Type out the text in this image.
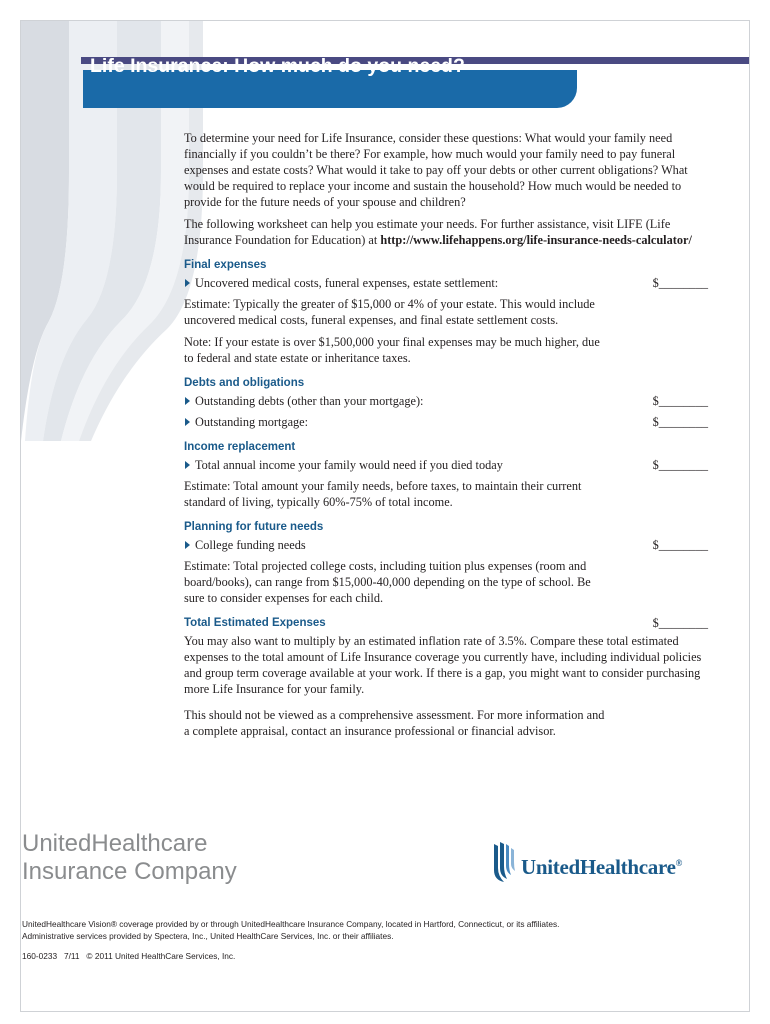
Life Insurance: How much do you need?

To determine your need for Life Insurance, consider these questions: What would your family need financially if you couldn’t be there? For example, how much would your family need to pay funeral expenses and estate costs? What would it take to pay off your debts or other current obligations? What would be required to replace your income and sustain the household? How much would be needed to provide for the future needs of your spouse and children?

The following worksheet can help you estimate your needs. For further assistance, visit LIFE (Life Insurance Foundation for Education) at http://www.lifehappens.org/life-insurance-needs-calculator/

Final expenses
Uncovered medical costs, funeral expenses, estate settlement:	$________

Estimate: Typically the greater of $15,000 or 4% of your estate. This would include uncovered medical costs, funeral expenses, and final estate settlement costs.

Note: If your estate is over $1,500,000 your final expenses may be much higher, due to federal and state estate or inheritance taxes.

Debts and obligations
Outstanding debts (other than your mortgage):	$________
Outstanding mortgage:	$________
Income replacement
Total annual income your family would need if you died today	$________

Estimate: Total amount your family needs, before taxes, to maintain their current standard of living, typically 60%-75% of total income.

Planning for future needs
College funding needs	$________

Estimate: Total projected college costs, including tuition plus expenses (room and board/books), can range from $15,000-40,000 depending on the type of school. Be sure to consider expenses for each child.

Total Estimated Expenses	$________

You may also want to multiply by an estimated inflation rate of 3.5%. Compare these total estimated expenses to the total amount of Life Insurance coverage you currently have, including individual policies and group term coverage available at your work. If there is a gap, you might want to consider purchasing more Life Insurance for your family.

This should not be viewed as a comprehensive assessment. For more information and a complete appraisal, contact an insurance professional or financial advisor.

UnitedHealthcare
Insurance Company	UnitedHealthcare®

UnitedHealthcare Vision® coverage provided by or through UnitedHealthcare Insurance Company, located in Hartford, Connecticut, or its affiliates.

Administrative services provided by Spectera, Inc., United HealthCare Services, Inc. or their affiliates.

160-0233   7/11   © 2011 United HealthCare Services, Inc.
